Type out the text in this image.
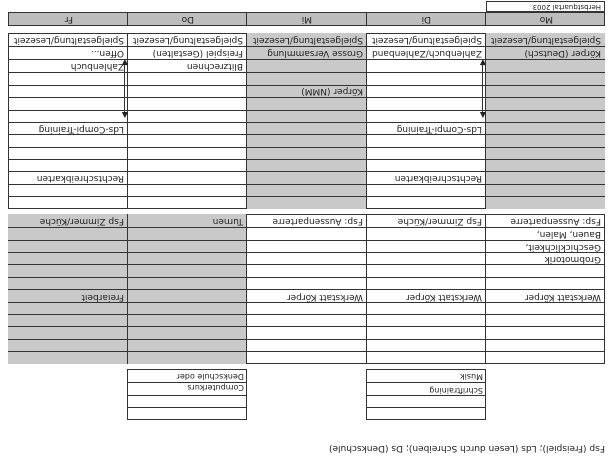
Fsp (Freispiel); Lds (Lesen durch Schreiben); Ds (Denkschule)
Musik
Schriftraining
Denkschule oder
Computerkurs
Werkstatt Körper
Werkstatt Körper
Werkstatt Körper
Freiarbeit
Bauen, Malen,
Geschicklichkeit,
Grobmotorik
Fsp: Aussenparterre
Fsp Zimmer/Küche
Fsp: Aussenparterre
Turnen
Fsp Zimmer/Küche
Rechtschreibkarten
Rechtschreibkarten
Lds-Compi-Training
Lds-Compi-Training
Körper (NMM)
Blitzrechnen
Zahlenbuch
Körper (Deutsch)
Zahlenbuch/Zahlenband
Grosse Versammlung
Freispiel (Gestalten)
Offen...
Spielgestaltung/Lesezeit
Spielgestaltung/Lesezeit
Spielgestaltung/Lesezeit
Spielgestaltung/Lesezeit
Spielgestaltung/Lesezeit
▲
▼
▲
▼
Mo
Di
Mi
Do
Fr
Herbstquartal 2003
